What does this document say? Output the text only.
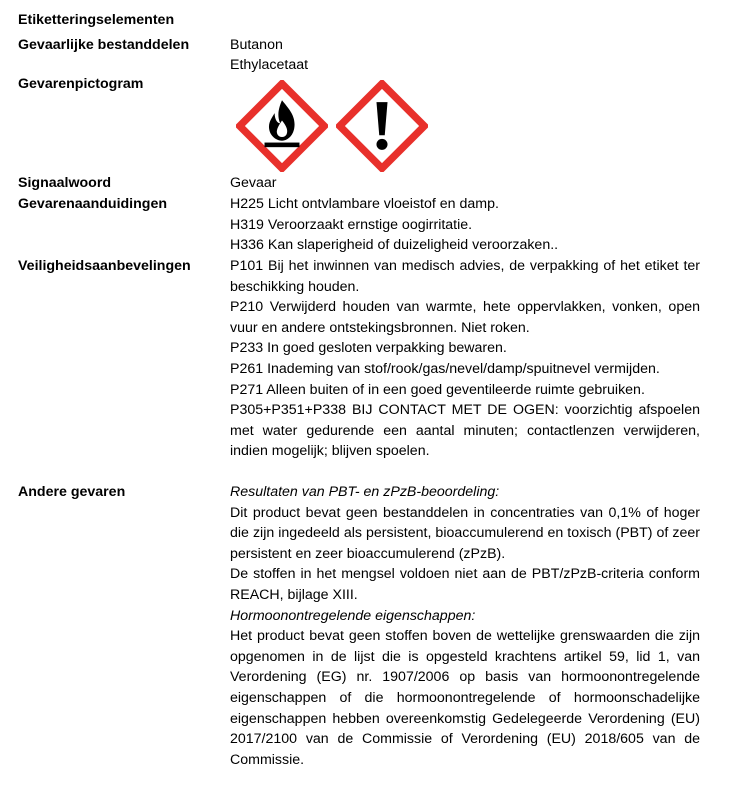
Etiketteringselementen
Gevaarlijke bestanddelen	Butanon

Ethylacetaat

Gevarenpictogram
Signaalwoord	Gevaar
Gevarenaanduidingen	H225 Licht ontvlambare vloeistof en damp.

H319 Veroorzaakt ernstige oogirritatie.

H336 Kan slaperigheid of duizeligheid veroorzaken..

Veiligheidsaanbevelingen	P101 Bij het inwinnen van medisch advies, de verpakking of het etiket ter beschikking houden.

P210 Verwijderd houden van warmte, hete oppervlakken, vonken, open vuur en andere ontstekingsbronnen. Niet roken.

P233 In goed gesloten verpakking bewaren.

P261 Inademing van stof/rook/gas/nevel/damp/spuitnevel vermijden.

P271 Alleen buiten of in een goed geventileerde ruimte gebruiken.

P305+P351+P338 BIJ CONTACT MET DE OGEN: voorzichtig afspoelen met water gedurende een aantal minuten; contactlenzen verwijderen, indien mogelijk; blijven spoelen.

Andere gevaren	Resultaten van PBT- en zPzB-beoordeling:

Dit product bevat geen bestanddelen in concentraties van 0,1% of hoger die zijn ingedeeld als persistent, bioaccumulerend en toxisch (PBT) of zeer persistent en zeer bioaccumulerend (zPzB).

De stoffen in het mengsel voldoen niet aan de PBT/zPzB-criteria conform REACH, bijlage XIII.

Hormoonontregelende eigenschappen:

Het product bevat geen stoffen boven de wettelijke grenswaarden die zijn opgenomen in de lijst die is opgesteld krachtens artikel 59, lid 1, van Verordening (EG) nr. 1907/2006 op basis van hormoonontregelende eigenschappen of die hormoonontregelende of hormoonschadelijke eigenschappen hebben overeenkomstig Gedelegeerde Verordening (EU) 2017/2100 van de Commissie of Verordening (EU) 2018/605 van de Commissie.
